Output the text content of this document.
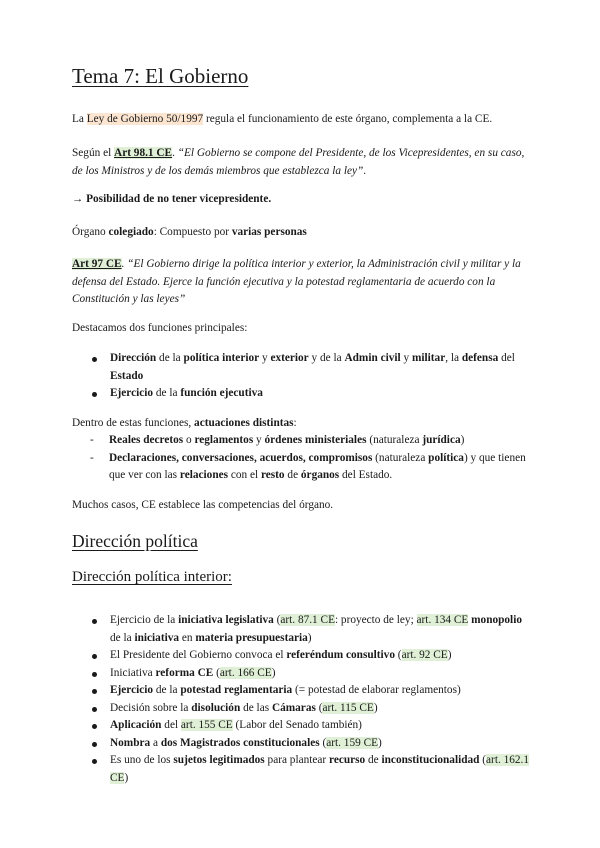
Tema 7: El Gobierno
La Ley de Gobierno 50/1997 regula el funcionamiento de este órgano, complementa a la CE.
Según el Art 98.1 CE. “El Gobierno se compone del Presidente, de los Vicepresidentes, en su caso, de los Ministros y de los demás miembros que establezca la ley”.
→ Posibilidad de no tener vicepresidente.
Órgano colegiado: Compuesto por varias personas
Art 97 CE. “El Gobierno dirige la política interior y exterior, la Administración civil y militar y la defensa del Estado. Ejerce la función ejecutiva y la potestad reglamentaria de acuerdo con la Constitución y las leyes”
Destacamos dos funciones principales:
Dirección de la política interior y exterior y de la Admin civil y militar, la defensa del Estado
Ejercicio de la función ejecutiva
Dentro de estas funciones, actuaciones distintas:
- Reales decretos o reglamentos y órdenes ministeriales (naturaleza jurídica)
- Declaraciones, conversaciones, acuerdos, compromisos (naturaleza política) y que tienen que ver con las relaciones con el resto de órganos del Estado.
Muchos casos, CE establece las competencias del órgano.
Dirección política
Dirección política interior:
Ejercicio de la iniciativa legislativa (art. 87.1 CE: proyecto de ley; art. 134 CE monopolio de la iniciativa en materia presupuestaria)
El Presidente del Gobierno convoca el referéndum consultivo (art. 92 CE)
Iniciativa reforma CE (art. 166 CE)
Ejercicio de la potestad reglamentaria (= potestad de elaborar reglamentos)
Decisión sobre la disolución de las Cámaras (art. 115 CE)
Aplicación del art. 155 CE (Labor del Senado también)
Nombra a dos Magistrados constitucionales (art. 159 CE)
Es uno de los sujetos legitimados para plantear recurso de inconstitucionalidad (art. 162.1 CE)
